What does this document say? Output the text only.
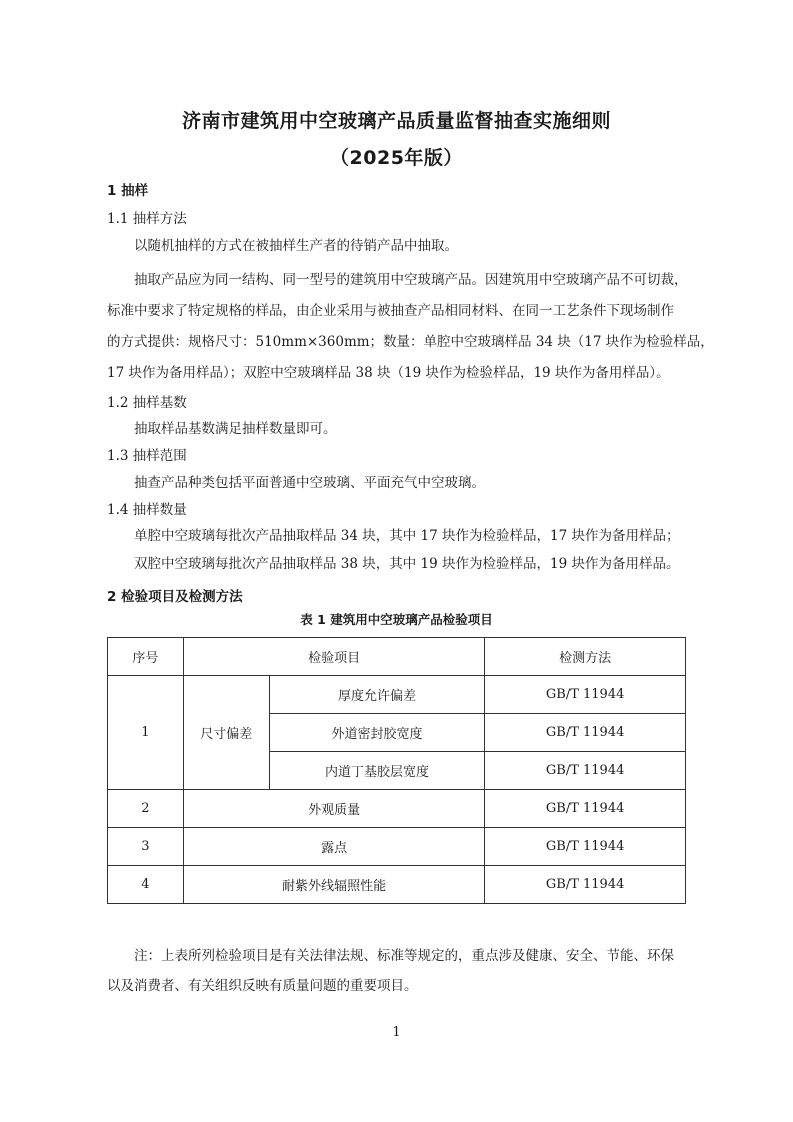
济南市建筑用中空玻璃产品质量监督抽查实施细则
（2025年版）
1 抽样
1.1 抽样方法
以随机抽样的方式在被抽样生产者的待销产品中抽取。
抽取产品应为同一结构、同一型号的建筑用中空玻璃产品。因建筑用中空玻璃产品不可切裁，
标准中要求了特定规格的样品，由企业采用与被抽查产品相同材料、在同一工艺条件下现场制作
的方式提供：规格尺寸：510mm×360mm；数量：单腔中空玻璃样品 34 块（17 块作为检验样品，
17 块作为备用样品）；双腔中空玻璃样品 38 块（19 块作为检验样品，19 块作为备用样品）。
1.2 抽样基数
抽取样品基数满足抽样数量即可。
1.3 抽样范围
抽查产品种类包括平面普通中空玻璃、平面充气中空玻璃。
1.4 抽样数量
单腔中空玻璃每批次产品抽取样品 34 块，其中 17 块作为检验样品，17 块作为备用样品；
双腔中空玻璃每批次产品抽取样品 38 块，其中 19 块作为检验样品，19 块作为备用样品。
2 检验项目及检测方法
表 1 建筑用中空玻璃产品检验项目
序号	检验项目		检测方法
1	尺寸偏差	厚度允许偏差	GB/T 11944
		外道密封胶宽度	GB/T 11944
		内道丁基胶层宽度	GB/T 11944
2	外观质量		GB/T 11944
3	露点		GB/T 11944
4	耐紫外线辐照性能		GB/T 11944
注：上表所列检验项目是有关法律法规、标准等规定的，重点涉及健康、安全、节能、环保
以及消费者、有关组织反映有质量问题的重要项目。
1
